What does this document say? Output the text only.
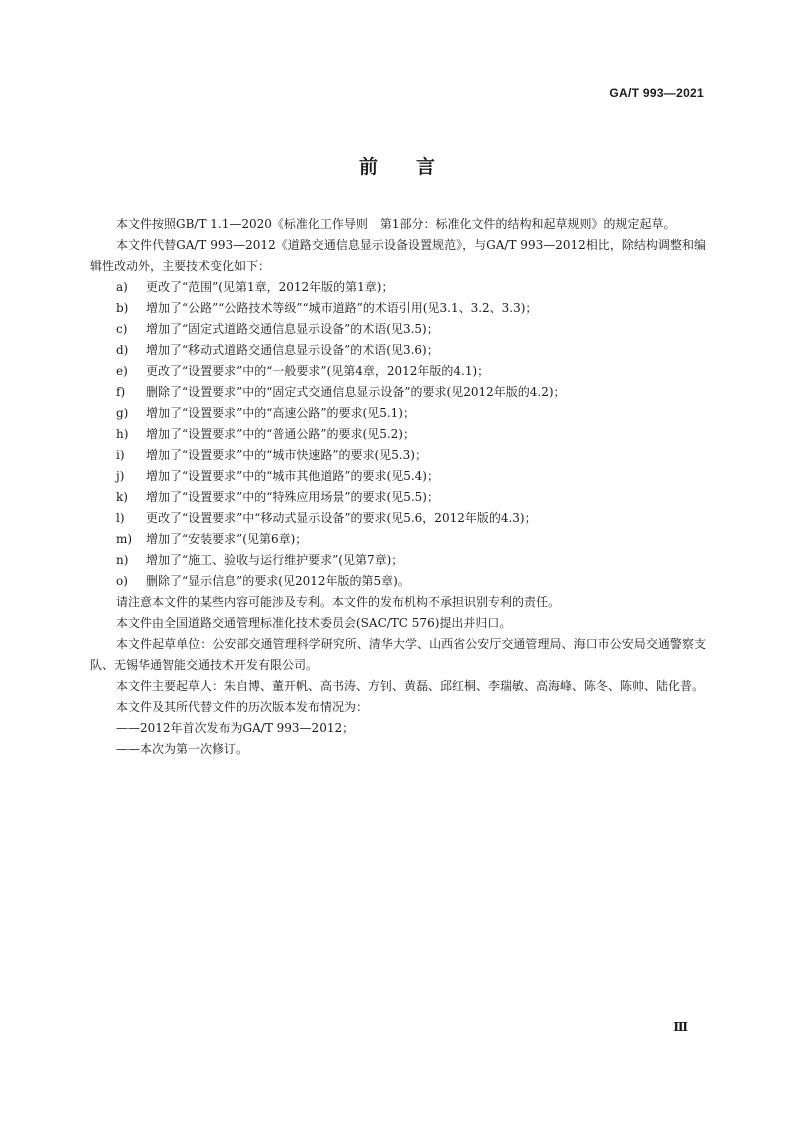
GA/T 993—2021
前言

本文件按照GB/T 1.1—2020《标准化工作导则　第1部分：标准化文件的结构和起草规则》的规定起草。

本文件代替GA/T 993—2012《道路交通信息显示设备设置规范》，与GA/T 993—2012相比，除结构调整和编辑性改动外，主要技术变化如下：

a) 更改了“范围”(见第1章，2012年版的第1章)；

b) 增加了“公路”“公路技术等级”“城市道路”的术语引用(见3.1、3.2、3.3)；

c) 增加了“固定式道路交通信息显示设备”的术语(见3.5)；

d) 增加了“移动式道路交通信息显示设备”的术语(见3.6)；

e) 更改了“设置要求”中的“一般要求”(见第4章，2012年版的4.1)；

f) 删除了“设置要求”中的“固定式交通信息显示设备”的要求(见2012年版的4.2)；

g) 增加了“设置要求”中的“高速公路”的要求(见5.1)；

h) 增加了“设置要求”中的“普通公路”的要求(见5.2)；

i) 增加了“设置要求”中的“城市快速路”的要求(见5.3)；

j) 增加了“设置要求”中的“城市其他道路”的要求(见5.4)；

k) 增加了“设置要求”中的“特殊应用场景”的要求(见5.5)；

l) 更改了“设置要求”中“移动式显示设备”的要求(见5.6，2012年版的4.3)；

m) 增加了“安装要求”(见第6章)；

n) 增加了“施工、验收与运行维护要求”(见第7章)；

o) 删除了“显示信息”的要求(见2012年版的第5章)。

请注意本文件的某些内容可能涉及专利。本文件的发布机构不承担识别专利的责任。

本文件由全国道路交通管理标准化技术委员会(SAC/TC 576)提出并归口。

本文件起草单位：公安部交通管理科学研究所、清华大学、山西省公安厅交通管理局、海口市公安局交通警察支队、无锡华通智能交通技术开发有限公司。

本文件主要起草人：朱自博、董开帆、高书涛、方钊、黄磊、邱红桐、李瑞敏、高海峰、陈冬、陈帅、陆化普。

本文件及其所代替文件的历次版本发布情况为：

——2012年首次发布为GA/T 993—2012；

——本次为第一次修订。

Ⅲ
